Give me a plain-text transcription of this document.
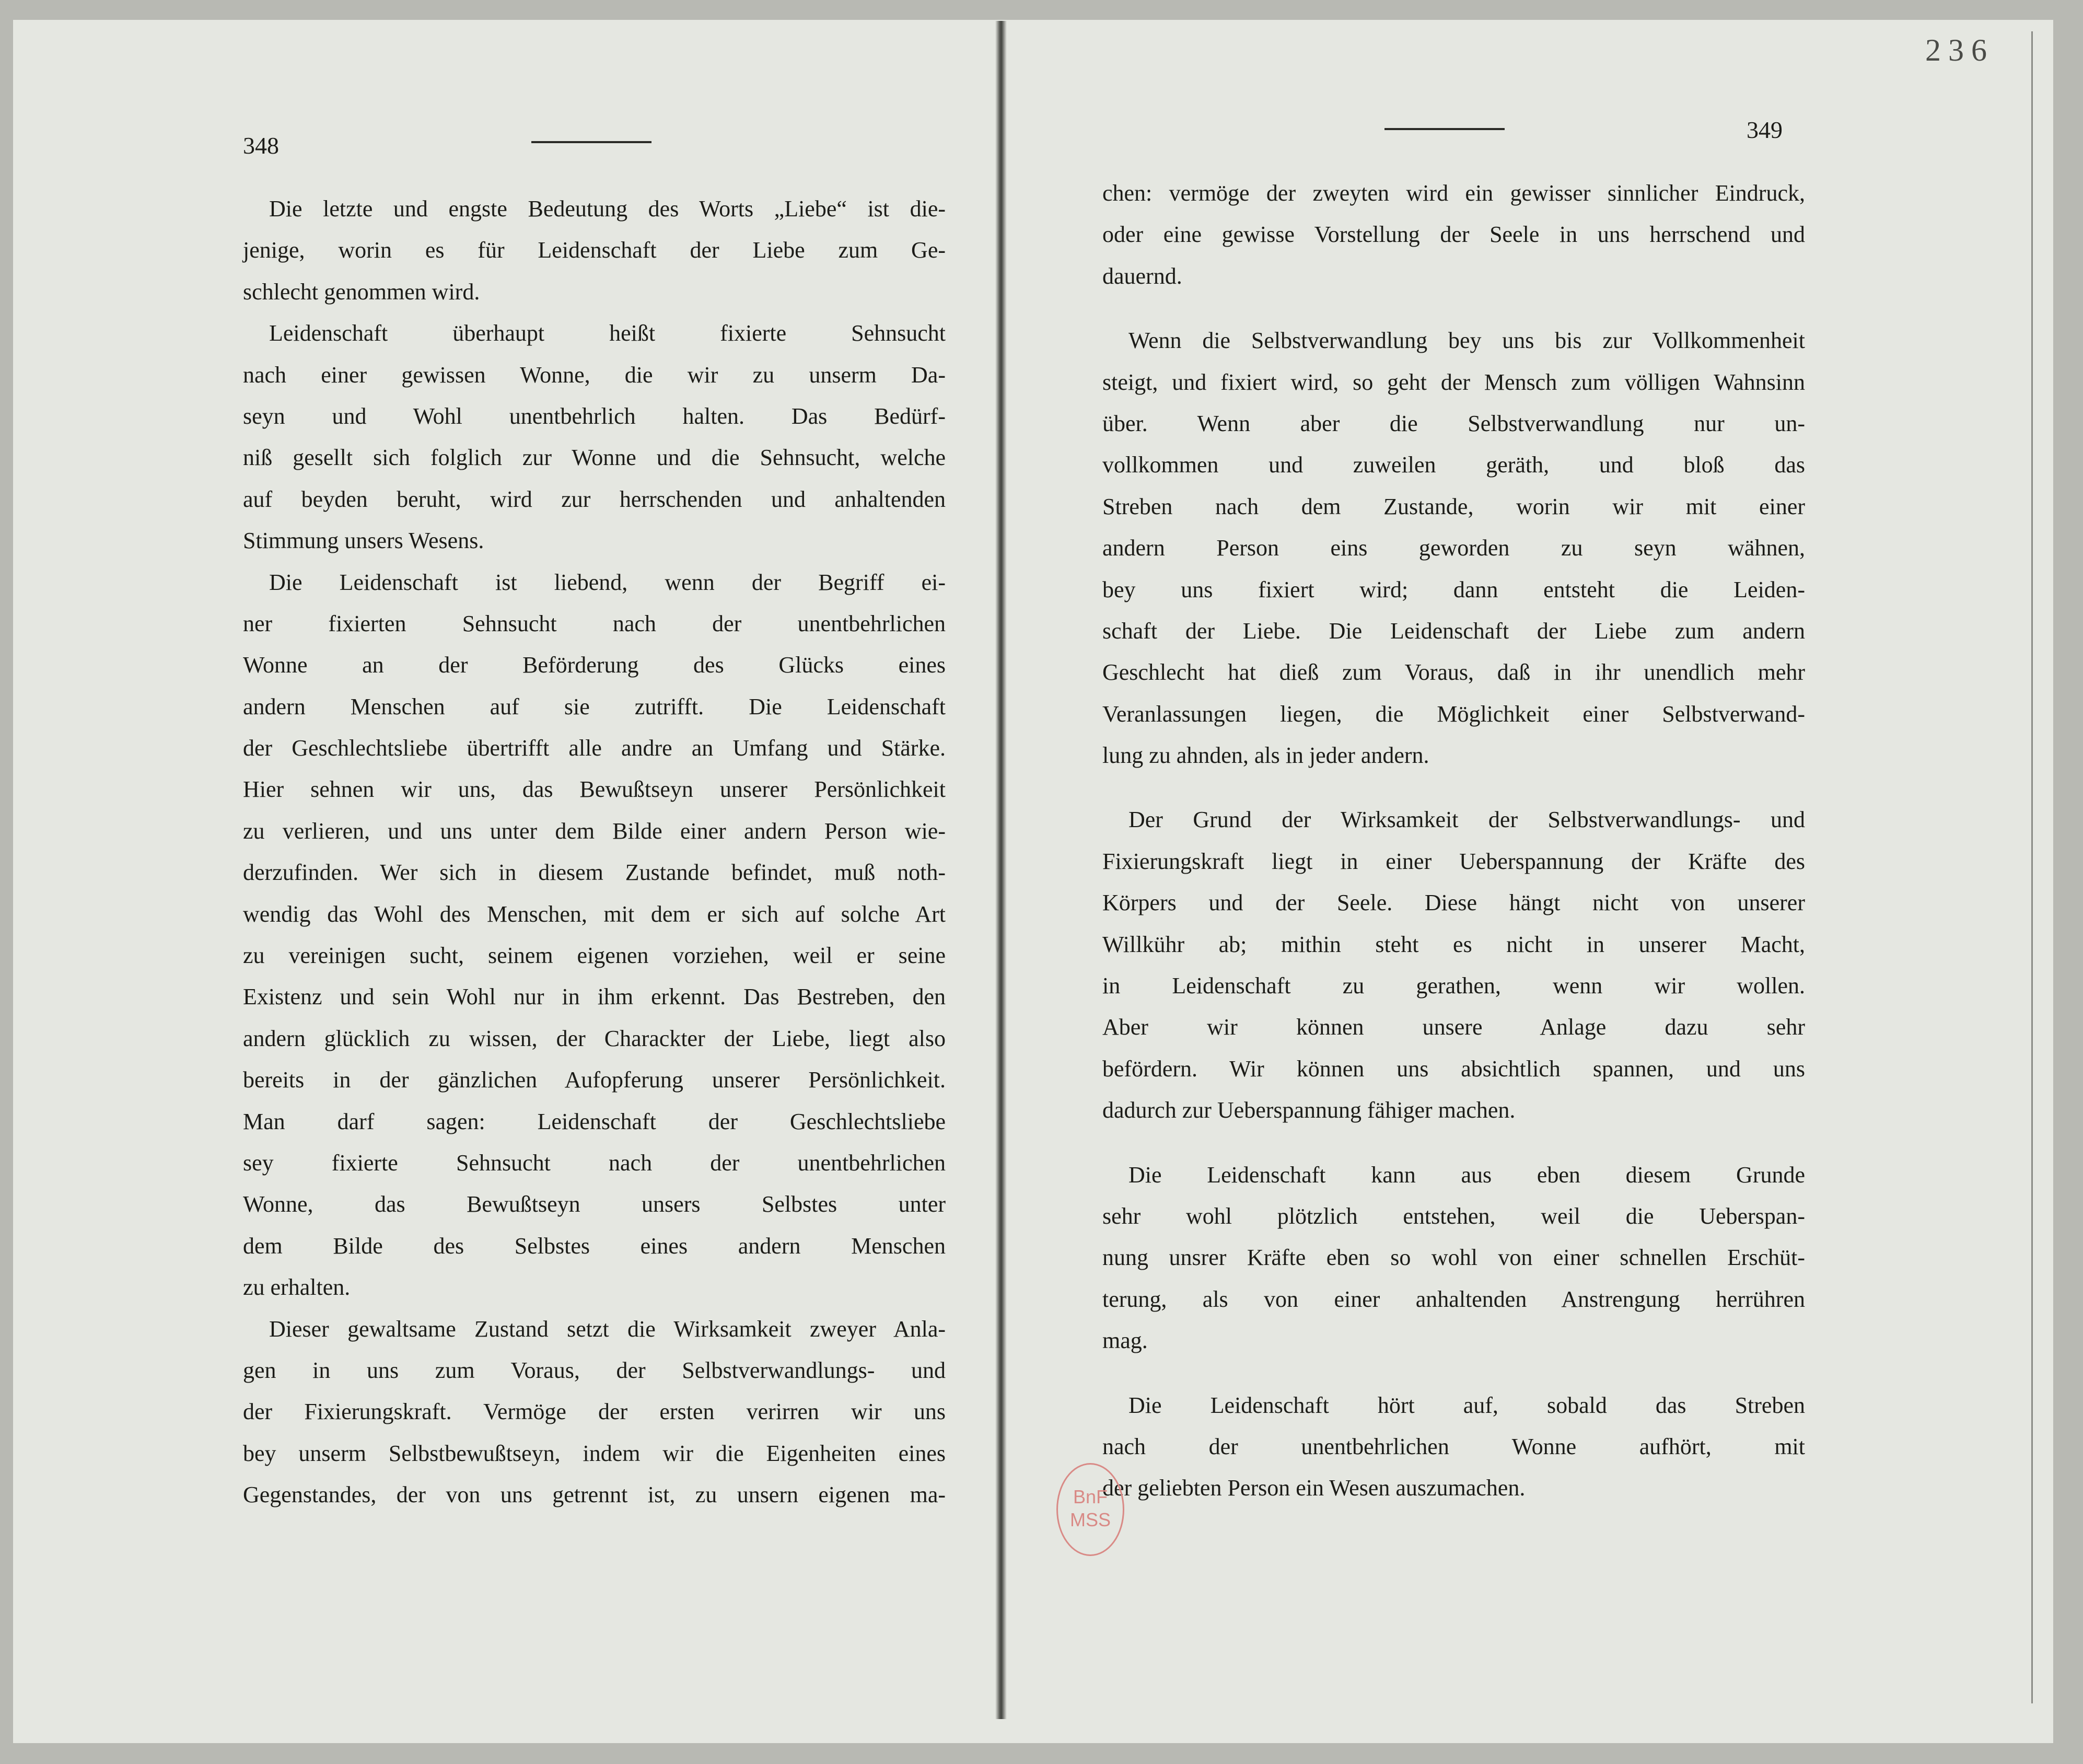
236
348
349
Die letzte und engste Bedeutung des Worts „Liebe“ ist die-
jenige, worin es für Leidenschaft der Liebe zum Ge-
schlecht genommen wird.
Leidenschaft überhaupt heißt fixierte Sehnsucht
nach einer gewissen Wonne, die wir zu unserm Da-
seyn und Wohl unentbehrlich halten. Das Bedürf-
niß gesellt sich folglich zur Wonne und die Sehnsucht, welche
auf beyden beruht, wird zur herrschenden und anhaltenden
Stimmung unsers Wesens.
Die Leidenschaft ist liebend, wenn der Begriff ei-
ner fixierten Sehnsucht nach der unentbehrlichen
Wonne an der Beförderung des Glücks eines
andern Menschen auf sie zutrifft. Die Leidenschaft
der Geschlechtsliebe übertrifft alle andre an Umfang und Stärke.
Hier sehnen wir uns, das Bewußtseyn unserer Persönlichkeit
zu verlieren, und uns unter dem Bilde einer andern Person wie-
derzufinden. Wer sich in diesem Zustande befindet, muß noth-
wendig das Wohl des Menschen, mit dem er sich auf solche Art
zu vereinigen sucht, seinem eigenen vorziehen, weil er seine
Existenz und sein Wohl nur in ihm erkennt. Das Bestreben, den
andern glücklich zu wissen, der Charackter der Liebe, liegt also
bereits in der gänzlichen Aufopferung unserer Persönlichkeit.
Man darf sagen: Leidenschaft der Geschlechtsliebe
sey fixierte Sehnsucht nach der unentbehrlichen
Wonne, das Bewußtseyn unsers Selbstes unter
dem Bilde des Selbstes eines andern Menschen
zu erhalten.
Dieser gewaltsame Zustand setzt die Wirksamkeit zweyer Anla-
gen in uns zum Voraus, der Selbstverwandlungs- und
der Fixierungskraft. Vermöge der ersten verirren wir uns
bey unserm Selbstbewußtseyn, indem wir die Eigenheiten eines
Gegenstandes, der von uns getrennt ist, zu unsern eigenen ma-
chen: vermöge der zweyten wird ein gewisser sinnlicher Eindruck,
oder eine gewisse Vorstellung der Seele in uns herrschend und
dauernd.
Wenn die Selbstverwandlung bey uns bis zur Vollkommenheit
steigt, und fixiert wird, so geht der Mensch zum völligen Wahnsinn
über. Wenn aber die Selbstverwandlung nur un-
vollkommen und zuweilen geräth, und bloß das
Streben nach dem Zustande, worin wir mit einer
andern Person eins geworden zu seyn wähnen,
bey uns fixiert wird; dann entsteht die Leiden-
schaft der Liebe. Die Leidenschaft der Liebe zum andern
Geschlecht hat dieß zum Voraus, daß in ihr unendlich mehr
Veranlassungen liegen, die Möglichkeit einer Selbstverwand-
lung zu ahnden, als in jeder andern.
Der Grund der Wirksamkeit der Selbstverwandlungs- und
Fixierungskraft liegt in einer Ueberspannung der Kräfte des
Körpers und der Seele. Diese hängt nicht von unserer
Willkühr ab; mithin steht es nicht in unserer Macht,
in Leidenschaft zu gerathen, wenn wir wollen.
Aber wir können unsere Anlage dazu sehr
befördern. Wir können uns absichtlich spannen, und uns
dadurch zur Ueberspannung fähiger machen.
Die Leidenschaft kann aus eben diesem Grunde
sehr wohl plötzlich entstehen, weil die Ueberspan-
nung unsrer Kräfte eben so wohl von einer schnellen Erschüt-
terung, als von einer anhaltenden Anstrengung herrühren
mag.
Die Leidenschaft hört auf, sobald das Streben
nach der unentbehrlichen Wonne aufhört, mit
der geliebten Person ein Wesen auszumachen.
BnF
MSS
